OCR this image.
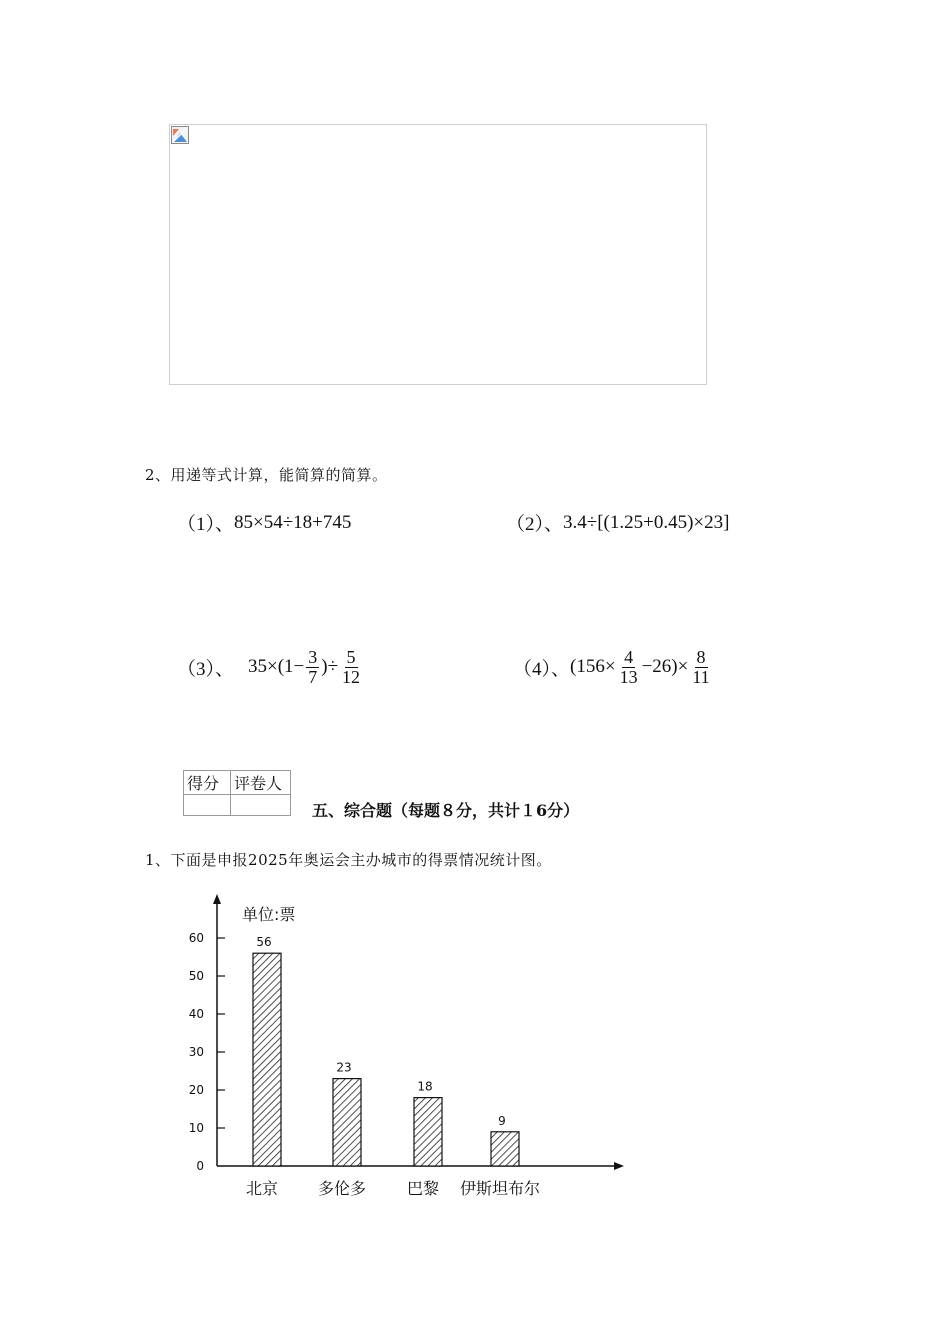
2、用递等式计算，能简算的简算。
（1）、 85×54÷18+745	（2）、 3.4÷[(1.25+0.45)×23]
（3）、 $35\times(1- \frac{3}{7}$ )÷ $\frac{5}{12}$	（4）、 $(156\times \frac{4}{13} -26)\times \frac{8}{11}$
得分	评卷人

五、综合题（每题８分，共计１6分）
1、下面是申报2025年奥运会主办城市的得票情况统计图。
单位:票
0
10
20
30
40
50
60	56
23
18
9
北京 多伦多	巴黎 伊斯坦布尔
